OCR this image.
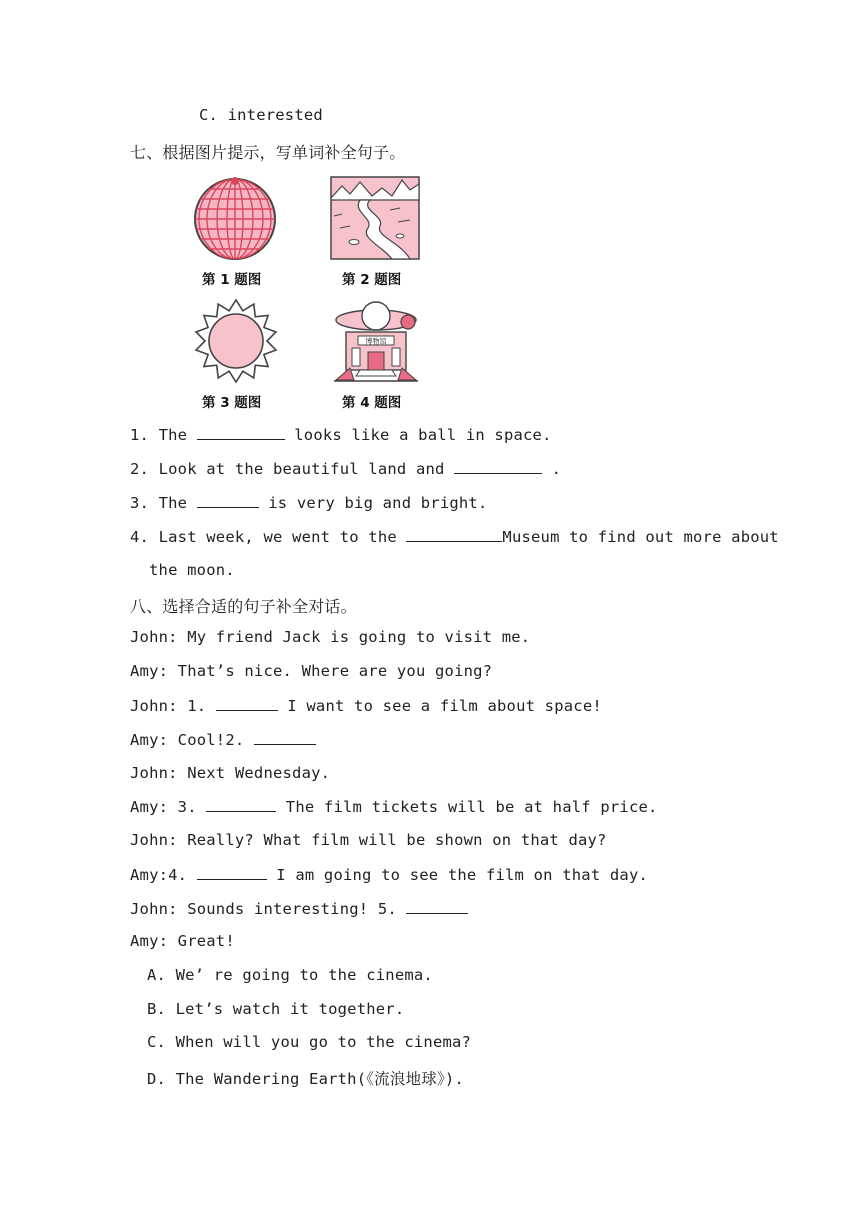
C. interested
七、根据图片提示，写单词补全句子。
第 1 题图	第 2 题图
第 3 题图
博物馆
第 4 题图
1. The	looks like a ball in space.
2. Look at the beautiful land and	.
3. The	is very big and bright.
4. Last week, we went to the	Museum to find out more about
the moon.
八、选择合适的句子补全对话。
John: My friend Jack is going to visit me.
Amy: That’s nice. Where are you going?
John: 1.	I want to see a film about space!
Amy: Cool!2.
John: Next Wednesday.
Amy: 3.	The film tickets will be at half price.
John: Really? What film will be shown on that day?
Amy:4.	I am going to see the film on that day.
John: Sounds interesting! 5.
Amy: Great!
A. We’ re going to the cinema.
B. Let’s watch it together.
C. When will you go to the cinema?
D. The Wandering Earth(《流浪地球》).
